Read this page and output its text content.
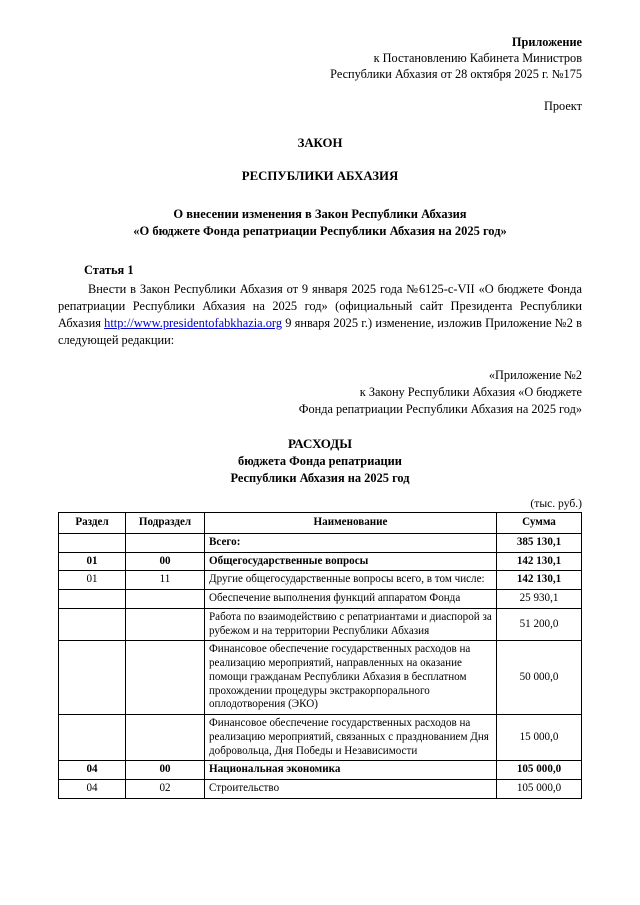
Приложение
к Постановлению Кабинета Министров
Республики Абхазия от 28 октября 2025 г. №175
Проект
ЗАКОН
РЕСПУБЛИКИ АБХАЗИЯ
О внесении изменения в Закон Республики Абхазия
«О бюджете Фонда репатриации Республики Абхазия на 2025 год»
Статья 1
Внести в Закон Республики Абхазия от 9 января 2025 года №6125-с-VII «О бюджете Фонда репатриации Республики Абхазия на 2025 год» (официальный сайт Президента Республики Абхазия http://www.presidentofabkhazia.org 9 января 2025 г.) изменение, изложив Приложение №2 в следующей редакции:
«Приложение №2
к Закону Республики Абхазия «О бюджете
Фонда репатриации Республики Абхазия на 2025 год»
РАСХОДЫ
бюджета Фонда репатриации
Республики Абхазия на 2025 год
(тыс. руб.)
Раздел	Подраздел	Наименование	Сумма
		Всего:	385 130,1
01	00	Общегосударственные вопросы	142 130,1
01	11	Другие общегосударственные вопросы всего, в том числе:	142 130,1
		Обеспечение выполнения функций аппаратом Фонда	25 930,1
		Работа по взаимодействию с репатриантами и диаспорой за рубежом и на территории Республики Абхазия	51 200,0
		Финансовое обеспечение государственных расходов на реализацию мероприятий, направленных на оказание помощи гражданам Республики Абхазия в бесплатном прохождении процедуры экстракорпорального оплодотворения (ЭКО)	50 000,0
		Финансовое обеспечение государственных расходов на реализацию мероприятий, связанных с празднованием Дня добровольца, Дня Победы и Независимости	15 000,0
04	00	Национальная экономика	105 000,0
04	02	Строительство	105 000,0
